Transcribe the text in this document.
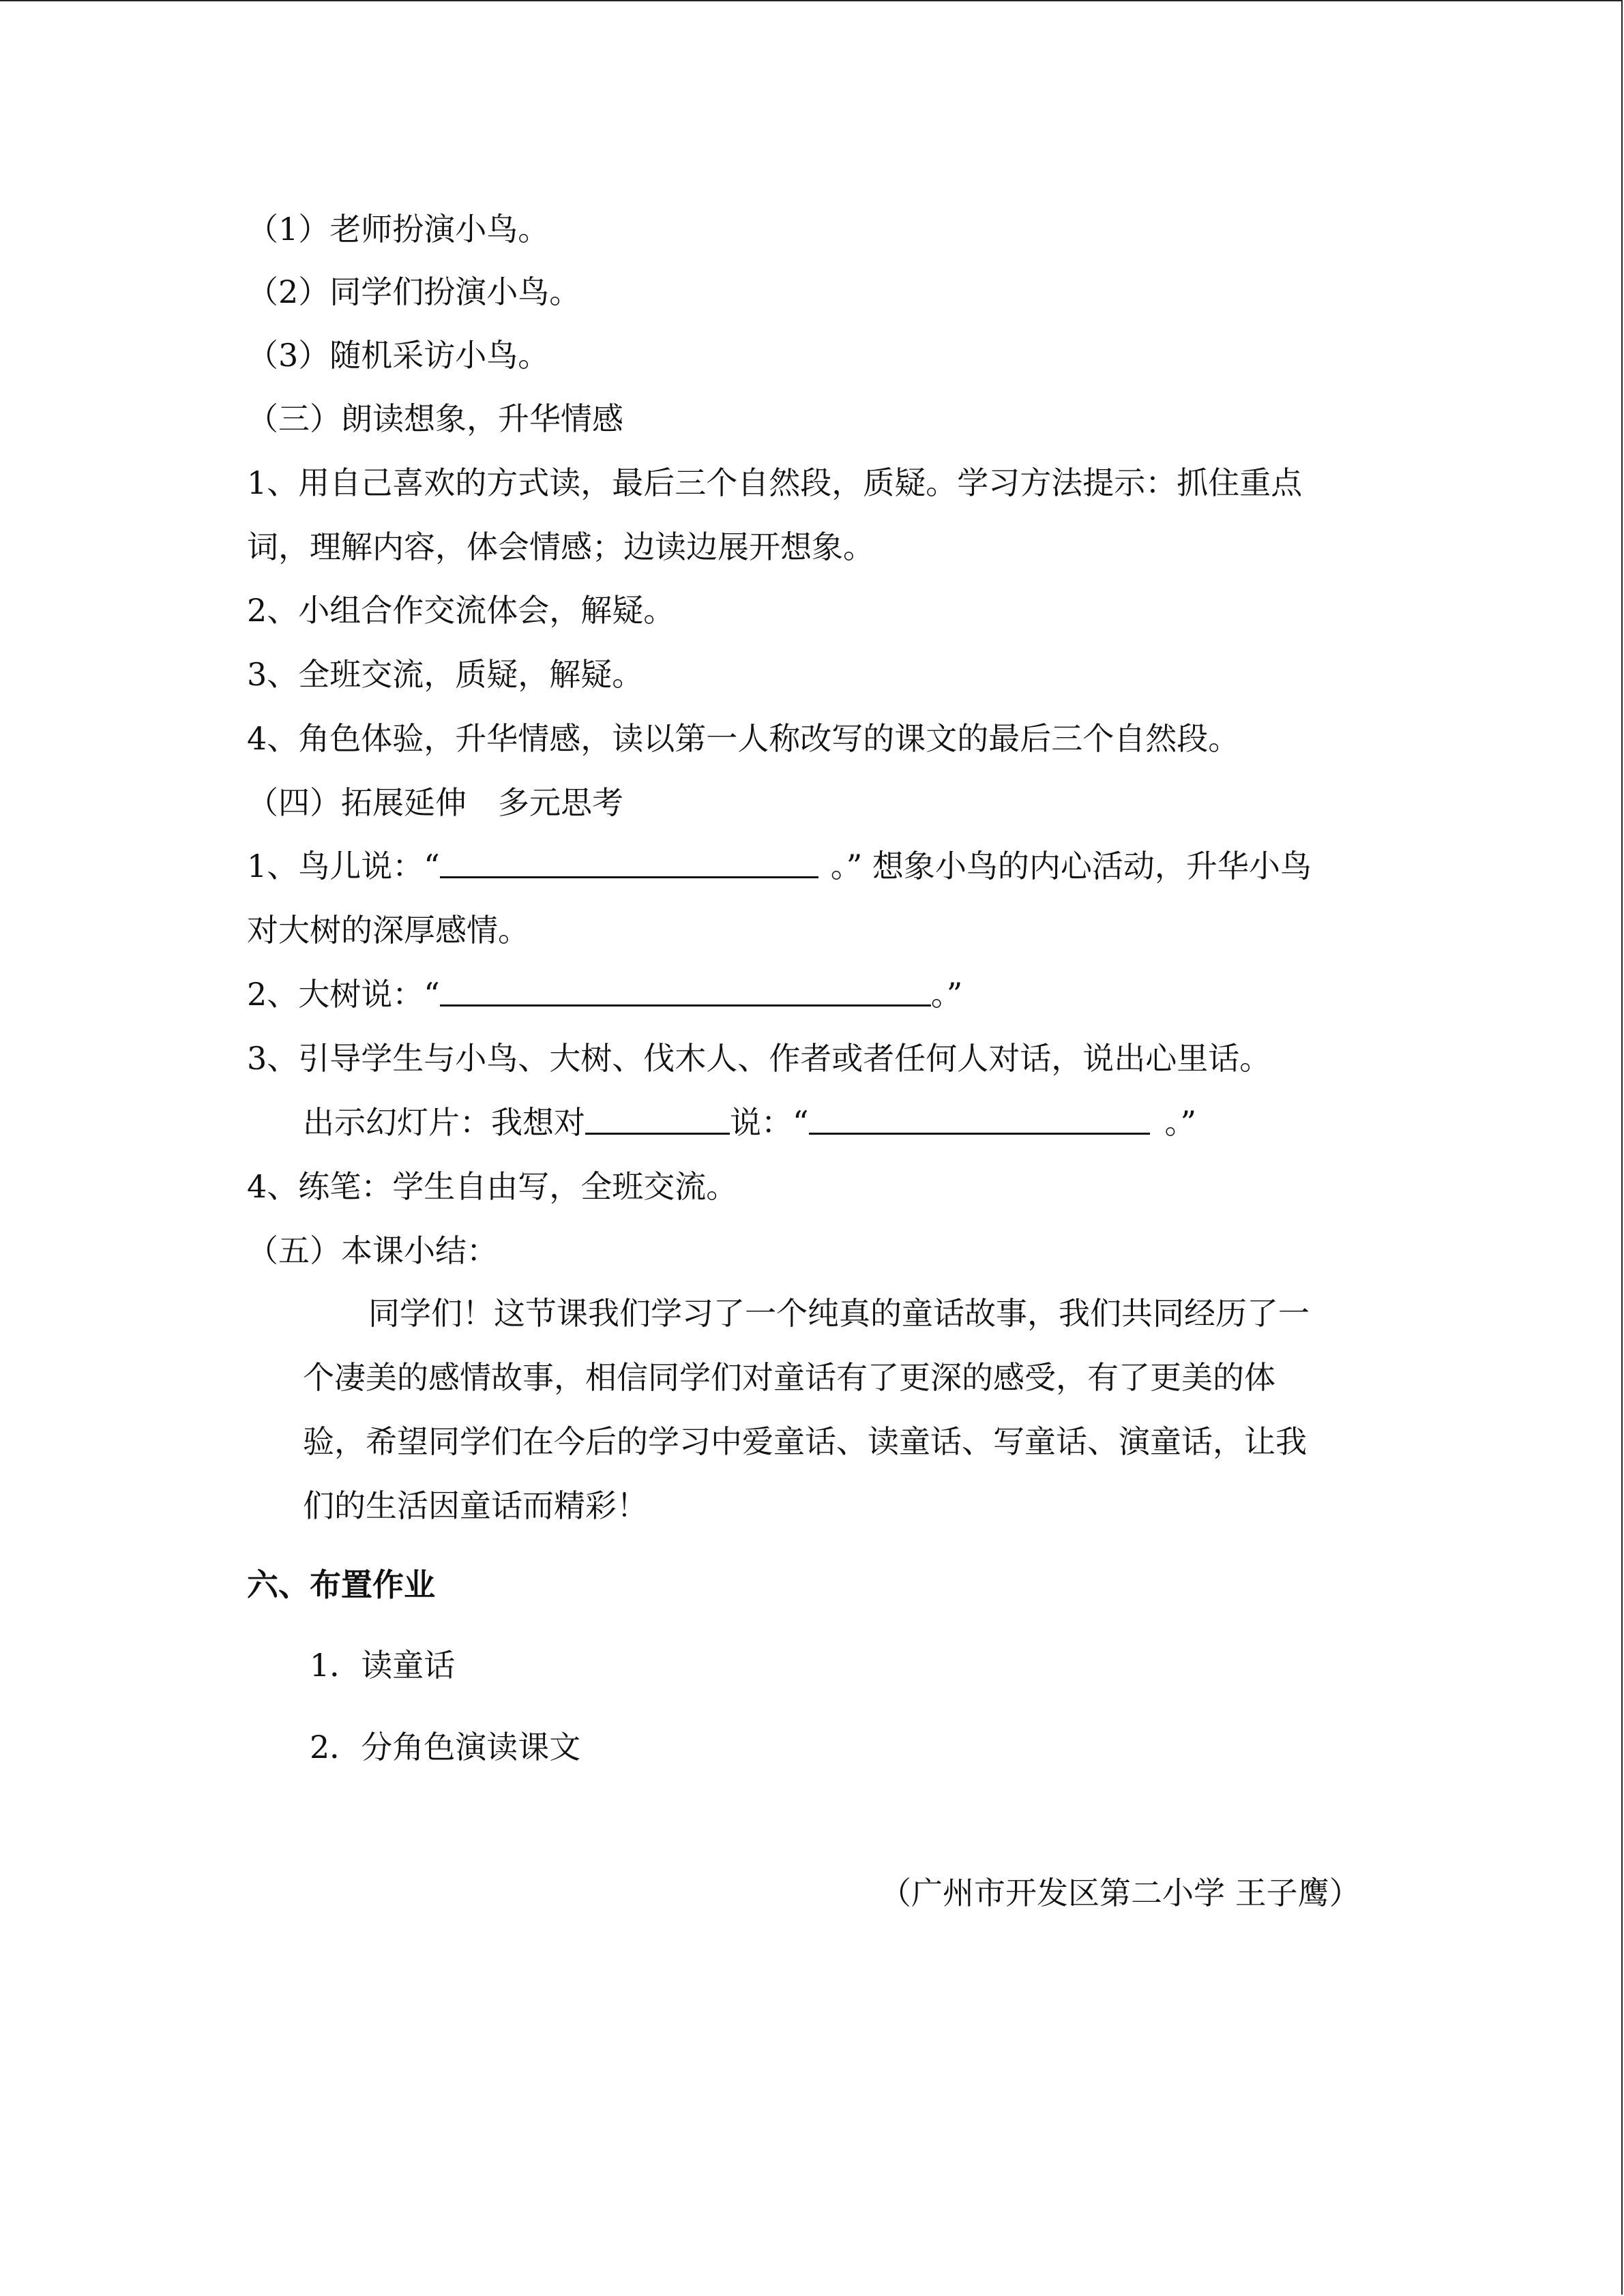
（1）老师扮演小鸟。
（2）同学们扮演小鸟。
（3）随机采访小鸟。
（三）朗读想象，升华情感
1、用自己喜欢的方式读，最后三个自然段，质疑。学习方法提示：抓住重点
词，理解内容，体会情感；边读边展开想象。
2、小组合作交流体会，解疑。
3、全班交流，质疑，解疑。
4、角色体验，升华情感，读以第一人称改写的课文的最后三个自然段。
（四）拓展延伸　多元思考
1、鸟儿说：“	。” 想象小鸟的内心活动，升华小鸟
对大树的深厚感情。
2、大树说：“	。”
3、引导学生与小鸟、大树、伐木人、作者或者任何人对话，说出心里话。
出示幻灯片：我想对	说：“	。”
4、练笔：学生自由写，全班交流。
（五）本课小结：
同学们！这节课我们学习了一个纯真的童话故事，我们共同经历了一
个凄美的感情故事，相信同学们对童话有了更深的感受，有了更美的体
验，希望同学们在今后的学习中爱童话、读童话、写童话、演童话，让我
们的生活因童话而精彩！
六、布置作业
1．读童话
2．分角色演读课文
（广州市开发区第二小学 王子鹰）
